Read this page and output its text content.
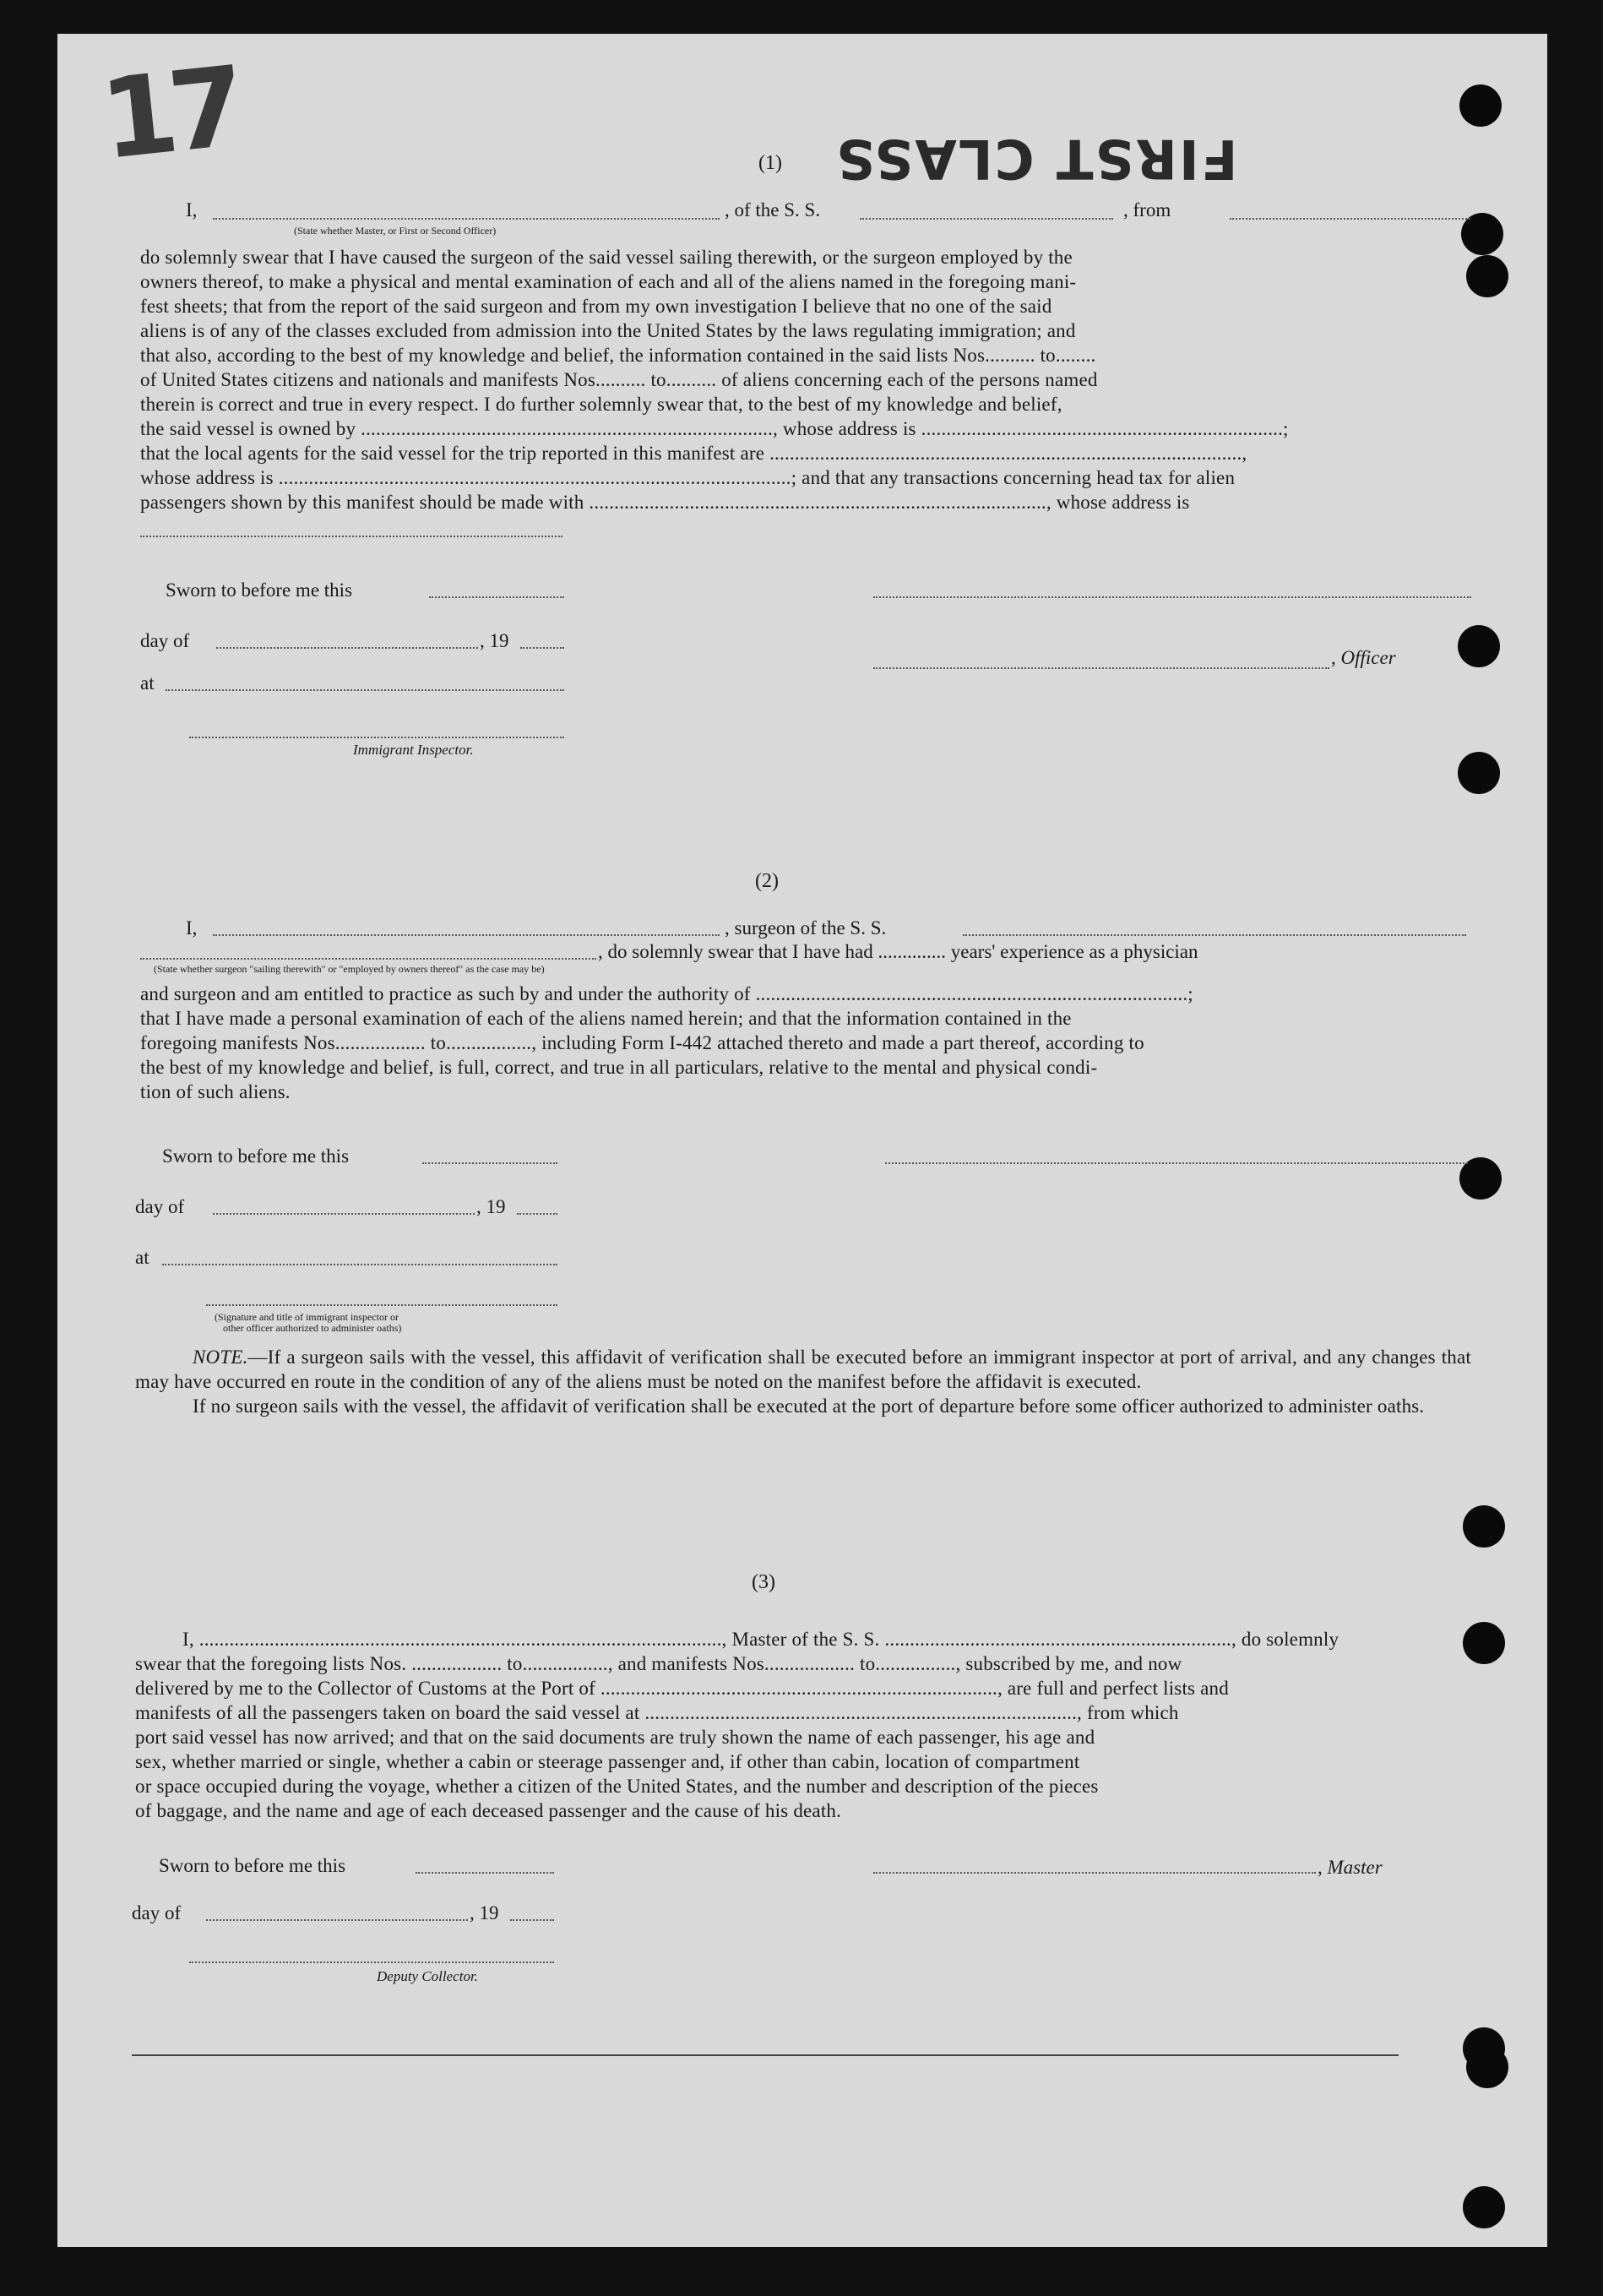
17	FIRST CLASS
(1)
I,	, of the S. S.	, from
(State whether Master, or First or Second Officer)

do solemnly swear that I have caused the surgeon of the said vessel sailing therewith, or the surgeon employed by the

owners thereof, to make a physical and mental examination of each and all of the aliens named in the foregoing mani-

fest sheets; that from the report of the said surgeon and from my own investigation I believe that no one of the said

aliens is of any of the classes excluded from admission into the United States by the laws regulating immigration; and

that also, according to the best of my knowledge and belief, the information contained in the said lists Nos.......... to........

of United States citizens and nationals and manifests Nos.......... to.......... of aliens concerning each of the persons named

therein is correct and true in every respect. I do further solemnly swear that, to the best of my knowledge and belief,

the said vessel is owned by .................................................................................., whose address is ........................................................................;

that the local agents for the said vessel for the trip reported in this manifest are ..............................................................................................,

whose address is ......................................................................................................; and that any transactions concerning head tax for alien

passengers shown by this manifest should be made with ..........................................................................................., whose address is

Sworn to before me this
day of	, 19
, Officer
at
Immigrant Inspector.
(2)
I,	, surgeon of the S. S.
, do solemnly swear that I have had .............. years' experience as a physician
(State whether surgeon "sailing therewith" or "employed by owners thereof" as the case may be)

and surgeon and am entitled to practice as such by and under the authority of ......................................................................................;

that I have made a personal examination of each of the aliens named herein; and that the information contained in the

foregoing manifests Nos.................. to................., including Form I-442 attached thereto and made a part thereof, according to

the best of my knowledge and belief, is full, correct, and true in all particulars, relative to the mental and physical condi-

tion of such aliens.

Sworn to before me this
day of	, 19
at
(Signature and title of immigrant inspector or
other officer authorized to administer oaths)

NOTE.—If a surgeon sails with the vessel, this affidavit of verification shall be executed before an immigrant inspector at port of arrival, and any changes that may have occurred en route in the condition of any of the aliens must be noted on the manifest before the affidavit is executed.

If no surgeon sails with the vessel, the affidavit of verification shall be executed at the port of departure before some officer authorized to administer oaths.

(3)

I, ........................................................................................................, Master of the S. S. ....................................................................., do solemnly

swear that the foregoing lists Nos. .................. to................., and manifests Nos.................. to................, subscribed by me, and now

delivered by me to the Collector of Customs at the Port of ..............................................................................., are full and perfect lists and

manifests of all the passengers taken on board the said vessel at ......................................................................................, from which

port said vessel has now arrived; and that on the said documents are truly shown the name of each passenger, his age and

sex, whether married or single, whether a cabin or steerage passenger and, if other than cabin, location of compartment

or space occupied during the voyage, whether a citizen of the United States, and the number and description of the pieces

of baggage, and the name and age of each deceased passenger and the cause of his death.

Sworn to before me this	, Master
day of	, 19
Deputy Collector.
